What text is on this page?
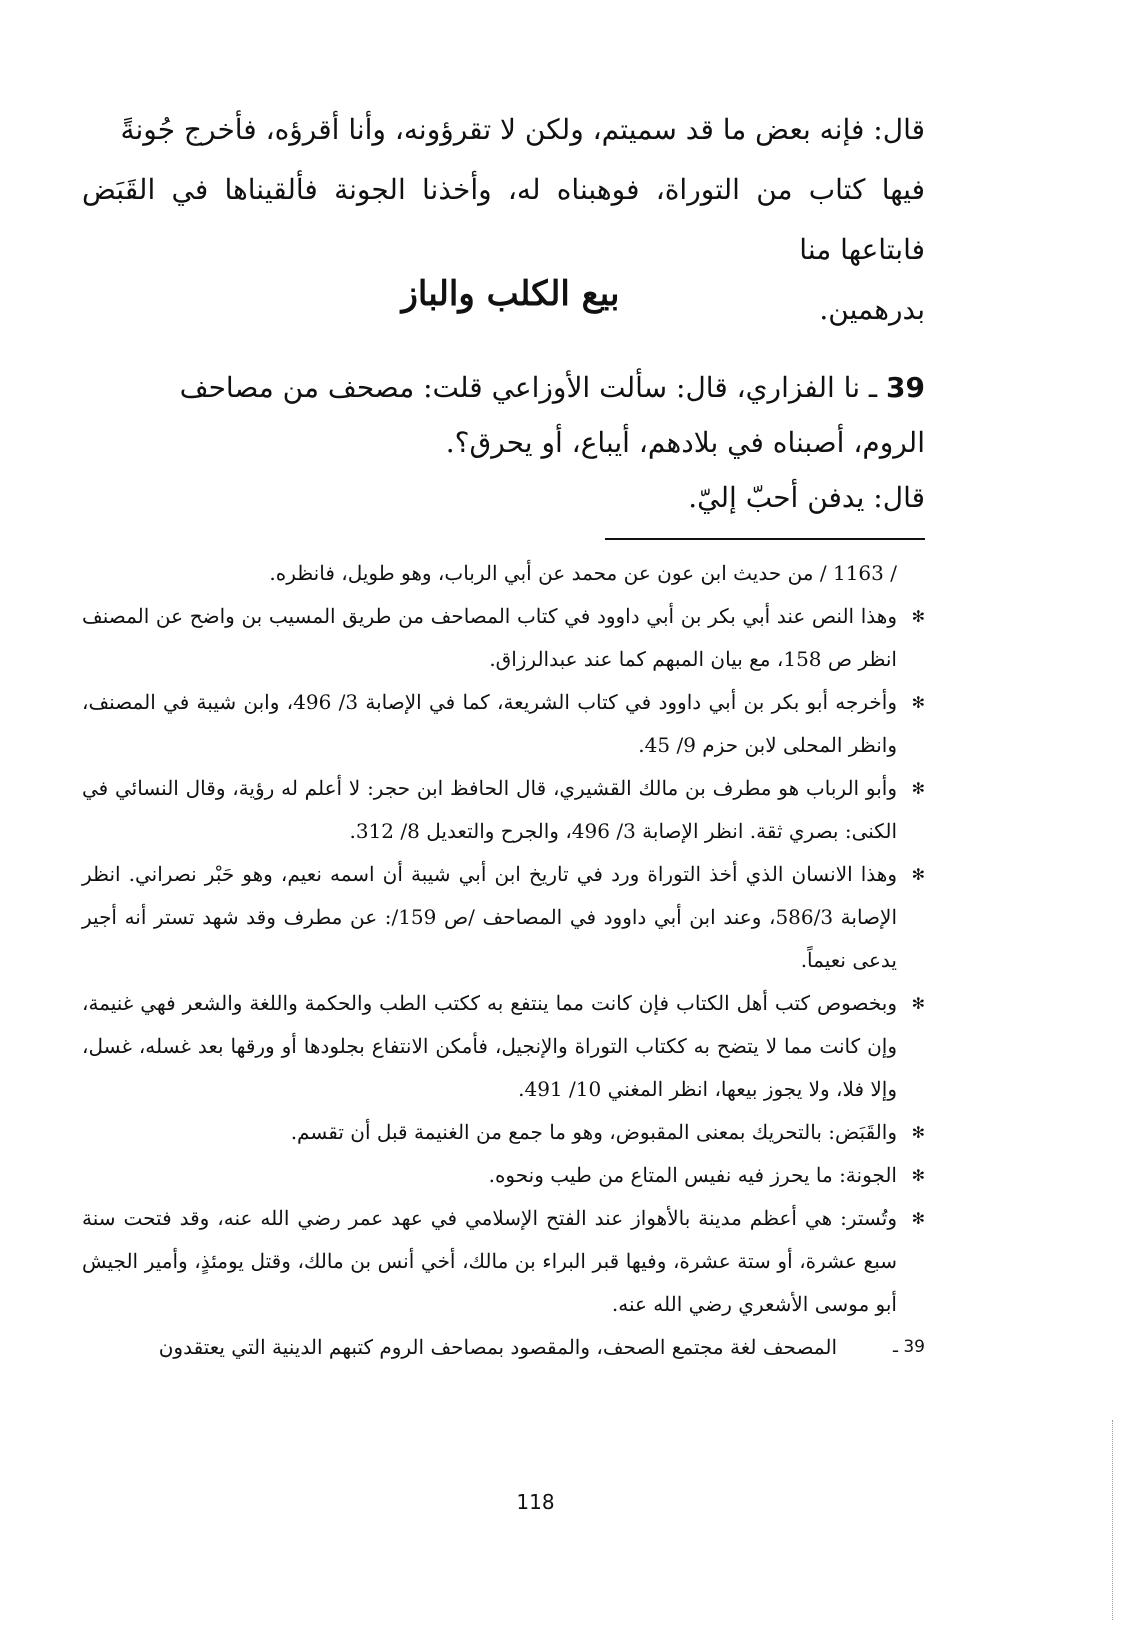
قال: فإنه بعض ما قد سميتم، ولكن لا تقرؤونه، وأنا أقرؤه، فأخرج جُونةً

فيها كتاب من التوراة، فوهبناه له، وأخذنا الجونة فألقيناها في القَبَض فابتاعها منا

بدرهمين.

بيع الكلب والباز
39 ـ نا الفزاري، قال: سألت الأوزاعي قلت: مصحف من مصاحف
الروم، أصبناه في بلادهم، أيباع، أو يحرق؟.
قال: يدفن أحبّ إليّ.

/ 1163 / من حديث ابن عون عن محمد عن أبي الرباب، وهو طويل، فانظره.

✻
وهذا النص عند أبي بكر بن أبي داوود في كتاب المصاحف من طريق المسيب بن واضح عن المصنف انظر ص 158، مع بيان المبهم كما عند عبدالرزاق.

✻
وأخرجه أبو بكر بن أبي داوود في كتاب الشريعة، كما في الإصابة 3/ 496، وابن شيبة في المصنف، وانظر المحلى لابن حزم 9/ 45.

✻
وأبو الرباب هو مطرف بن مالك القشيري، قال الحافظ ابن حجر: لا أعلم له رؤية، وقال النسائي في الكنى: بصري ثقة. انظر الإصابة 3/ 496، والجرح والتعديل 8/ 312.

✻
وهذا الانسان الذي أخذ التوراة ورد في تاريخ ابن أبي شيبة أن اسمه نعيم، وهو حَبْر نصراني. انظر الإصابة 586/3، وعند ابن أبي داوود في المصاحف /ص 159/: عن مطرف وقد شهد تستر أنه أجير يدعى نعيماً.

✻
وبخصوص كتب أهل الكتاب فإن كانت مما ينتفع به ككتب الطب والحكمة واللغة والشعر فهي غنيمة، وإن كانت مما لا يتضح به ككتاب التوراة والإنجيل، فأمكن الانتفاع بجلودها أو ورقها بعد غسله، غسل، وإلا فلا، ولا يجوز بيعها، انظر المغني 10/ 491.

✻
والقَبَض: بالتحريك بمعنى المقبوض، وهو ما جمع من الغنيمة قبل أن تقسم.

✻
الجونة: ما يحرز فيه نفيس المتاع من طيب ونحوه.

✻
وتُستر: هي أعظم مدينة بالأهواز عند الفتح الإسلامي في عهد عمر رضي الله عنه، وقد فتحت سنة سبع عشرة، أو ستة عشرة، وفيها قبر البراء بن مالك، أخي أنس بن مالك، وقتل يومئذٍ، وأمير الجيش أبو موسى الأشعري رضي الله عنه.

39 ـ
المصحف لغة مجتمع الصحف، والمقصود بمصاحف الروم كتبهم الدينية التي يعتقدون

118
